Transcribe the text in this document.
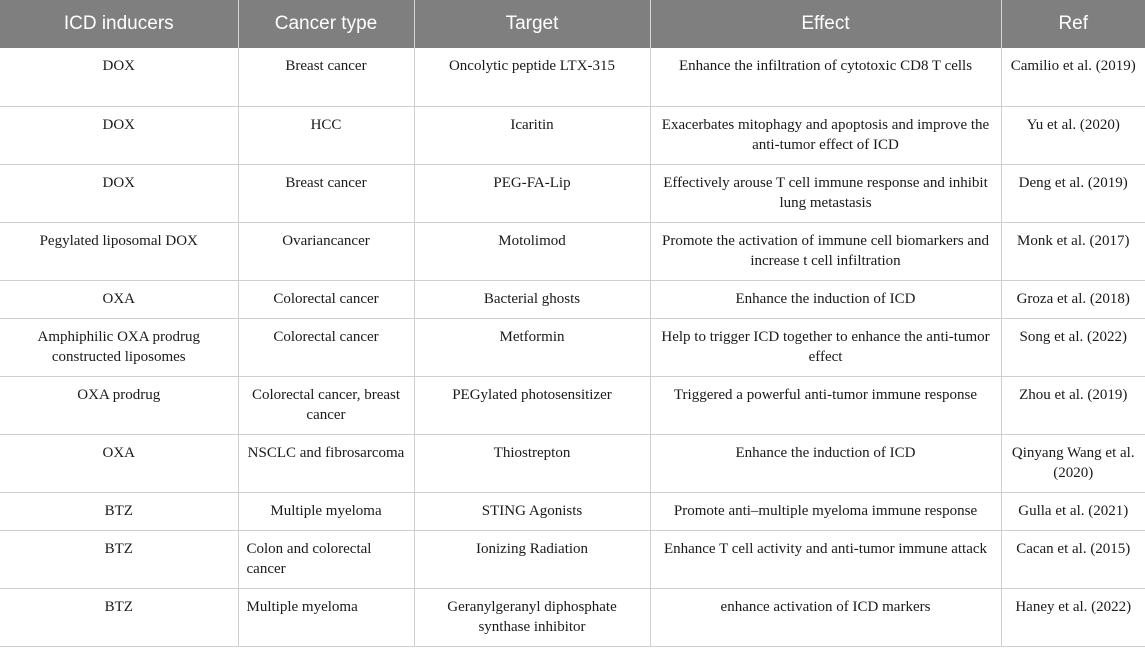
ICD inducers	Cancer type	Target	Effect	Ref
DOX	Breast cancer	Oncolytic peptide LTX-315	Enhance the infiltration of cytotoxic CD8 T cells	Camilio et al. (2019)
DOX	HCC	Icaritin	Exacerbates mitophagy and apoptosis and improve the anti-tumor effect of ICD	Yu et al. (2020)
DOX	Breast cancer	PEG-FA-Lip	Effectively arouse T cell immune response and inhibit lung metastasis	Deng et al. (2019)
Pegylated liposomal DOX	Ovariancancer	Motolimod	Promote the activation of immune cell biomarkers and increase t cell infiltration	Monk et al. (2017)
OXA	Colorectal cancer	Bacterial ghosts	Enhance the induction of ICD	Groza et al. (2018)
Amphiphilic OXA prodrug constructed liposomes	Colorectal cancer	Metformin	Help to trigger ICD together to enhance the anti-tumor effect	Song et al. (2022)
OXA prodrug	Colorectal cancer, breast cancer	PEGylated photosensitizer	Triggered a powerful anti-tumor immune response	Zhou et al. (2019)
OXA	NSCLC and fibrosarcoma	Thiostrepton	Enhance the induction of ICD	Qinyang Wang et al. (2020)
BTZ	Multiple myeloma	STING Agonists	Promote anti–multiple myeloma immune response	Gulla et al. (2021)
BTZ	Colon and colorectal cancer	Ionizing Radiation	Enhance T cell activity and anti-tumor immune attack	Cacan et al. (2015)
BTZ	Multiple myeloma	Geranylgeranyl diphosphate synthase inhibitor	enhance activation of ICD markers	Haney et al. (2022)
